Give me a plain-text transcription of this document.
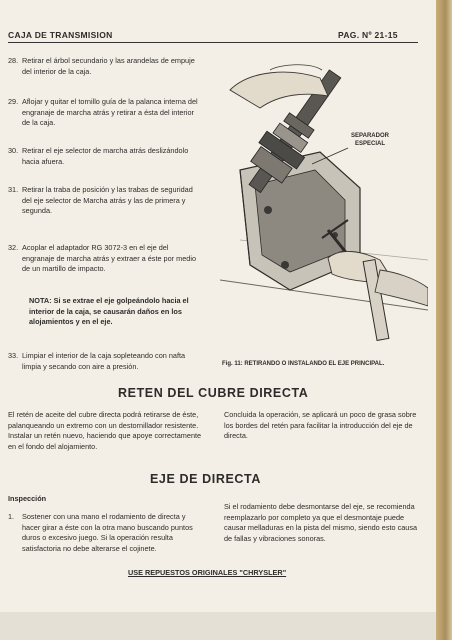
CAJA DE TRANSMISION	PAG. Nº 21-15
28. Retirar el árbol secundario y las arandelas de empuje del interior de la caja.
29. Aflojar y quitar el tornillo guía de la palanca interna del engranaje de marcha atrás y retirar a ésta del interior de la caja.
30. Retirar el eje selector de marcha atrás deslizándolo hacia afuera.
31. Retirar la traba de posición y las trabas de seguridad del eje selector de Marcha atrás y las de primera y segunda.
32. Acoplar el adaptador RG 3072-3 en el eje del engranaje de marcha atrás y extraer a éste por medio de un martillo de impacto.
NOTA: Si se extrae el eje golpeándolo hacia el interior de la caja, se causarán daños en los alojamientos y en el eje.
33. Limpiar el interior de la caja sopleteando con nafta limpia y secando con aire a presión.
SEPARADOR ESPECIAL
Fig. 11: RETIRANDO O INSTALANDO EL EJE PRINCIPAL.
RETEN DEL CUBRE DIRECTA
El retén de aceite del cubre directa podrá retirarse de éste, palanqueando un extremo con un destornillador resistente. Instalar un retén nuevo, haciendo que apoye correctamente en el fondo del alojamiento.
Concluida la operación, se aplicará un poco de grasa sobre los bordes del retén para facilitar la introducción del eje de directa.
EJE DE DIRECTA
Inspección
1. Sostener con una mano el rodamiento de directa y hacer girar a éste con la otra mano buscando puntos duros o excesivo juego. Si la operación resulta satisfactoria no debe alterarse el cojinete.
Si el rodamiento debe desmontarse del eje, se recomienda reemplazarlo por completo ya que el desmontaje puede causar melladuras en la pista del mismo, siendo esto causa de fallas y vibraciones sonoras.
USE REPUESTOS ORIGINALES "CHRYSLER"
